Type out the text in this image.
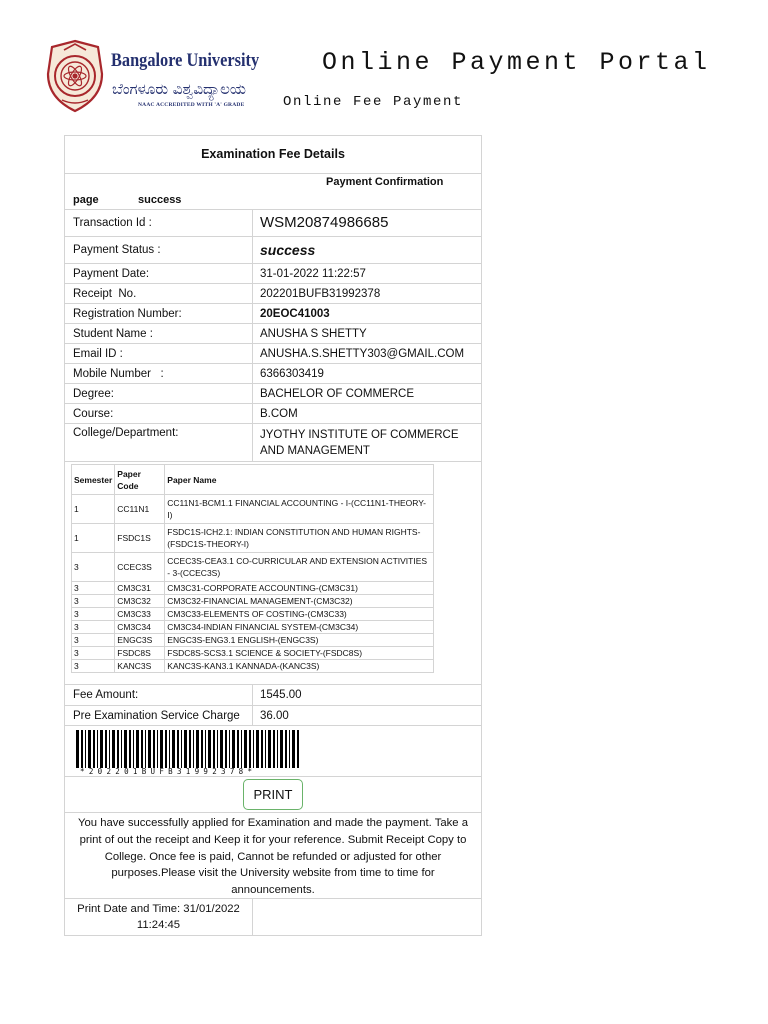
Bangalore University
ಬೆಂಗಳೂರು ವಿಶ್ವವಿದ್ಯಾಲಯ
NAAC ACCREDITED WITH 'A' GRADE
Online Payment Portal
Online Fee Payment
Examination Fee Details
Payment Confirmation
page	success
Transaction Id :	WSM20874986685
Payment Status :	success
Payment Date:	31-01-2022 11:22:57
Receipt  No.	202201BUFB31992378
Registration Number:	20EOC41003
Student Name :	ANUSHA S SHETTY
Email ID :	ANUSHA.S.SHETTY303@GMAIL.COM
Mobile Number   :	6366303419
Degree:	BACHELOR OF COMMERCE
Course:	B.COM
College/Department:	JYOTHY INSTITUTE OF COMMERCE AND MANAGEMENT
Semester	Paper Code	Paper Name
1	CC11N1	CC11N1-BCM1.1 FINANCIAL ACCOUNTING - I-(CC11N1-THEORY-I)
1	FSDC1S	FSDC1S-ICH2.1: INDIAN CONSTITUTION AND HUMAN RIGHTS-(FSDC1S-THEORY-I)
3	CCEC3S	CCEC3S-CEA3.1 CO-CURRICULAR AND EXTENSION ACTIVITIES - 3-(CCEC3S)
3	CM3C31	CM3C31-CORPORATE ACCOUNTING-(CM3C31)
3	CM3C32	CM3C32-FINANCIAL MANAGEMENT-(CM3C32)
3	CM3C33	CM3C33-ELEMENTS OF COSTING-(CM3C33)
3	CM3C34	CM3C34-INDIAN FINANCIAL SYSTEM-(CM3C34)
3	ENGC3S	ENGC3S-ENG3.1 ENGLISH-(ENGC3S)
3	FSDC8S	FSDC8S-SCS3.1 SCIENCE & SOCIETY-(FSDC8S)
3	KANC3S	KANC3S-KAN3.1 KANNADA-(KANC3S)
Fee Amount:	1545.00
Pre Examination Service Charge	36.00
*202201BUFB31992378*
PRINT
You have successfully applied for Examination and made the payment. Take a print of out the receipt and Keep it for your reference. Submit Receipt Copy to College. Once fee is paid, Cannot be refunded or adjusted for other purposes.Please visit the University website from time to time for announcements.
Print Date and Time: 31/01/2022 11:24:45
